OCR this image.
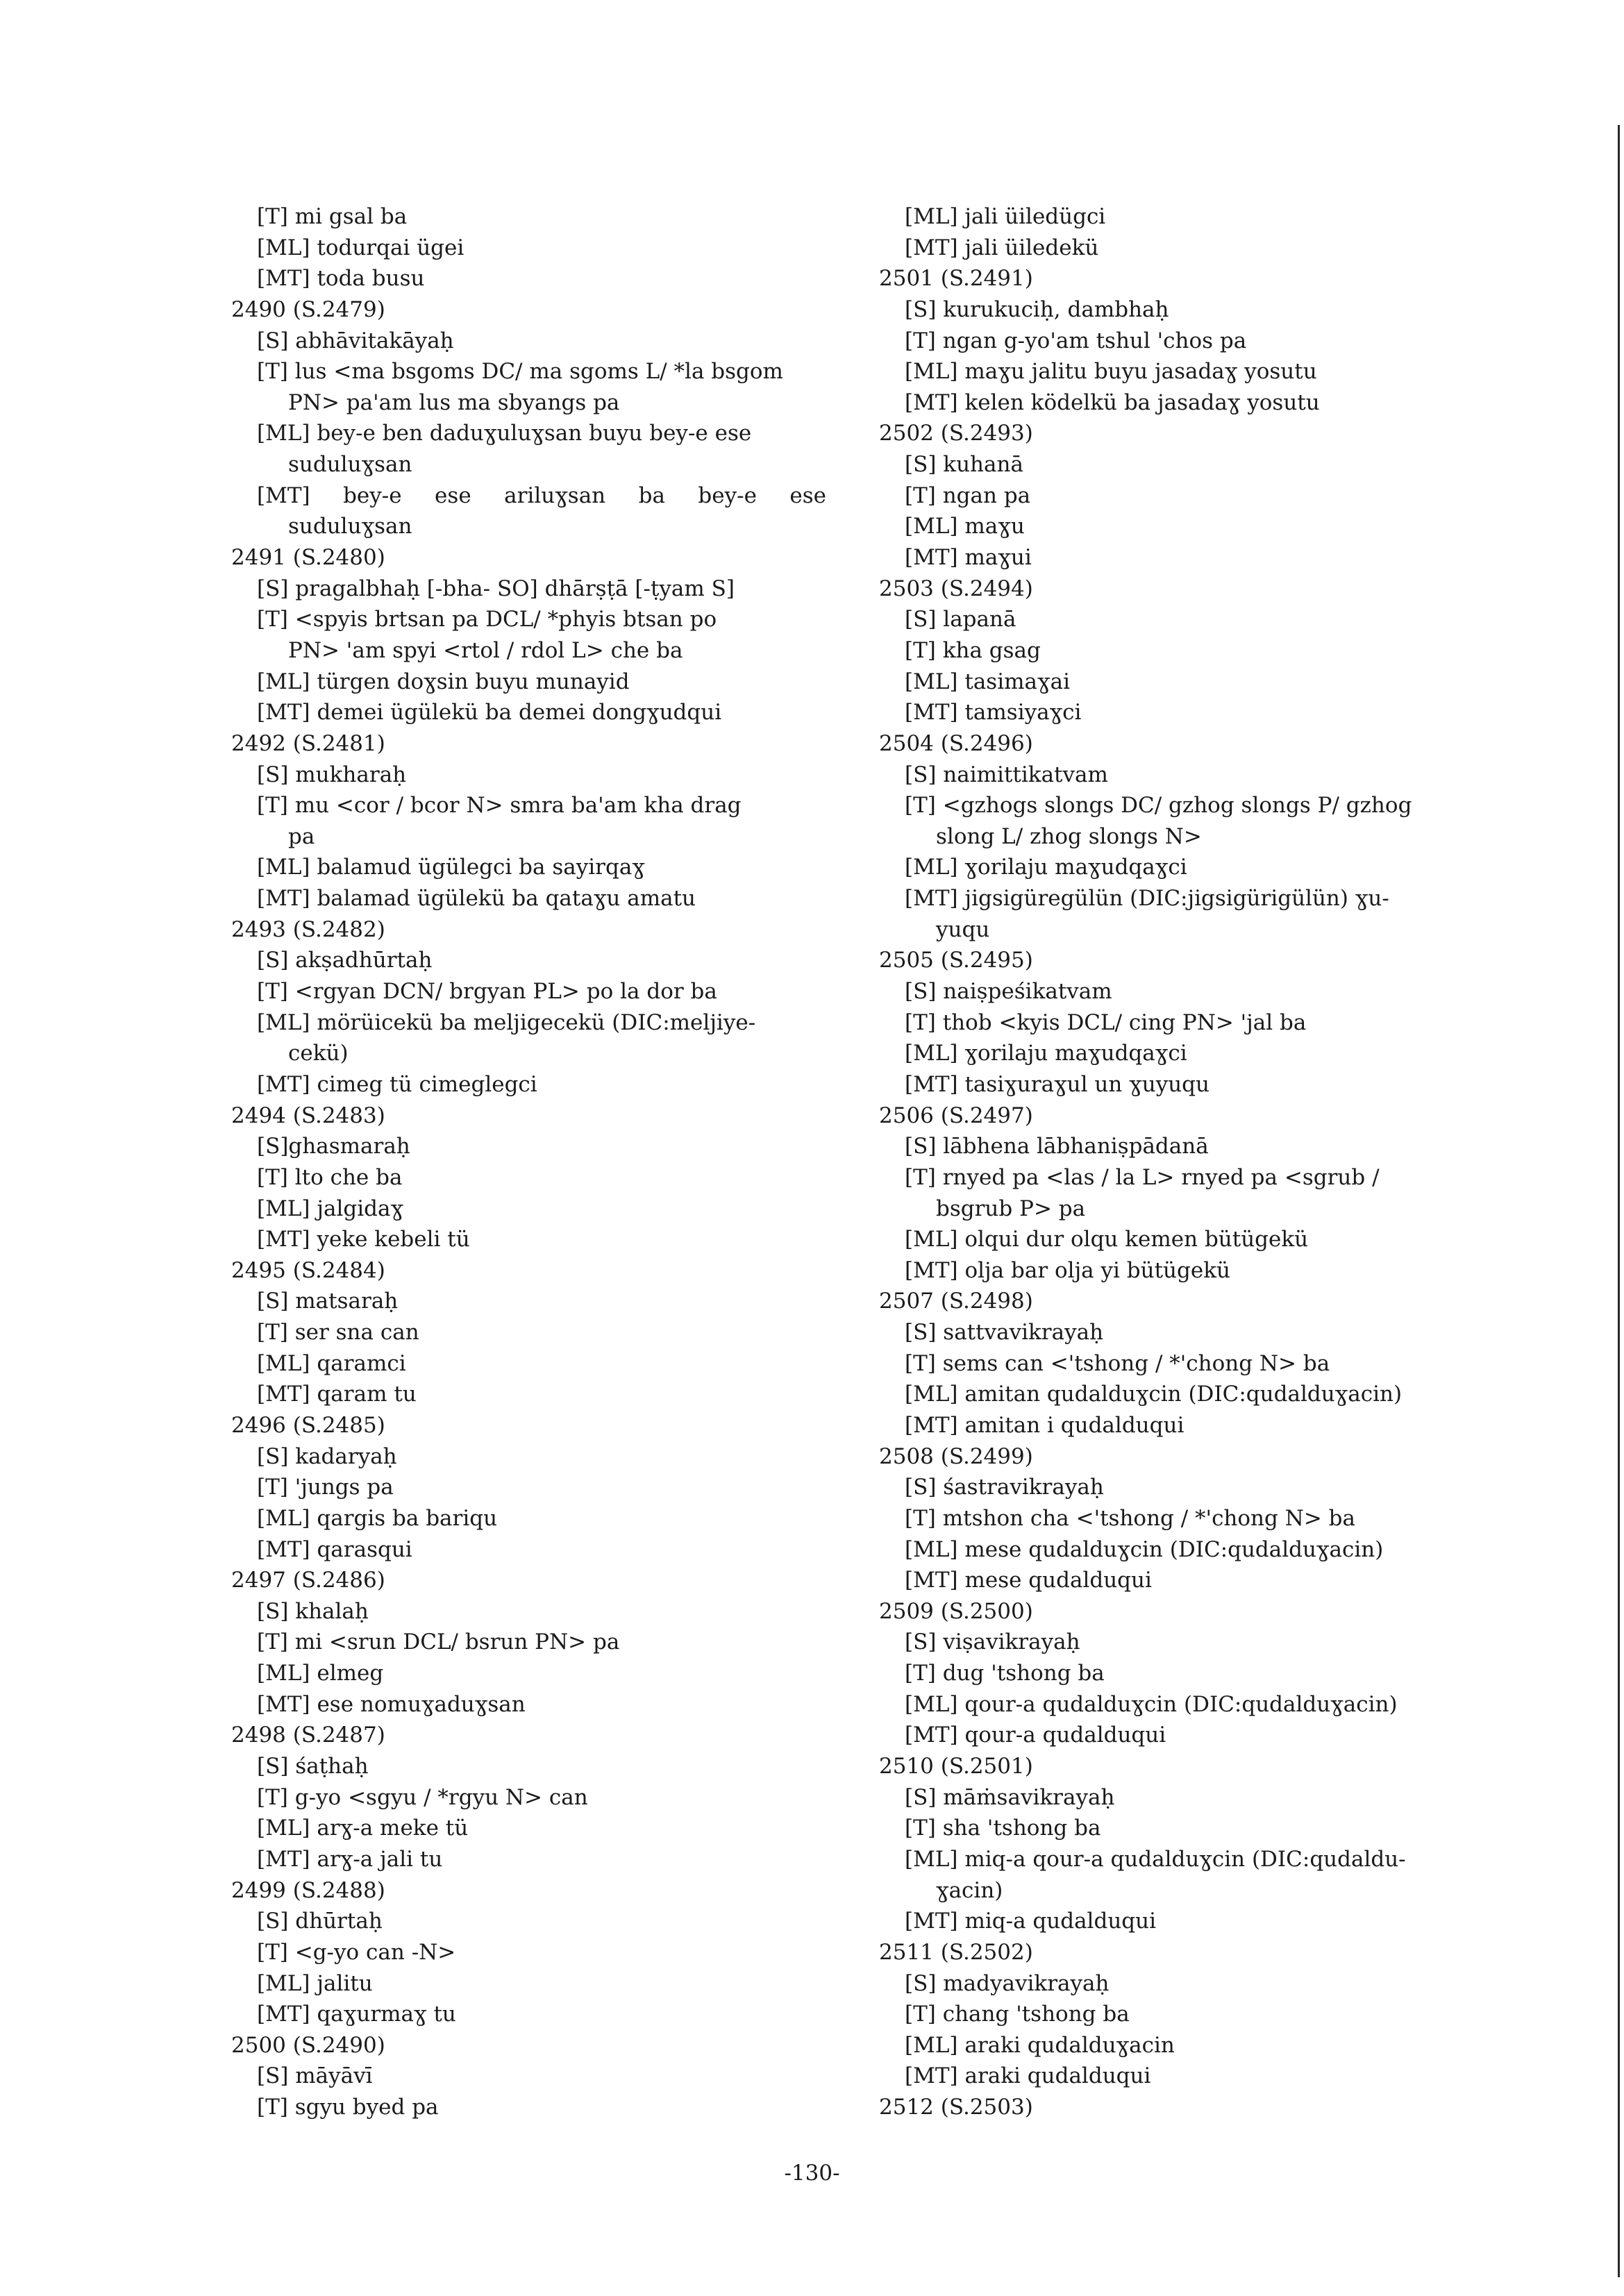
[T] mi gsal ba
[ML] todurqai ügei
[MT] toda busu
2490 (S.2479)
[S] abhāvitakāyaḥ
[T] lus <ma bsgoms DC/ ma sgoms L/ *la bsgom
PN> pa'am lus ma sbyangs pa
[ML] bey-e ben daduɣuluɣsan buyu bey-e ese
suduluɣsan
[MT] bey-e ese ariluɣsan ba bey-e ese
suduluɣsan
2491 (S.2480)
[S] pragalbhaḥ [-bha- SO] dhārṣṭā [-ṭyam S]
[T] <spyis brtsan pa DCL/ *phyis btsan po
PN> 'am spyi <rtol / rdol L> che ba
[ML] türgen doɣsin buyu munayid
[MT] demei ügülekü ba demei dongɣudqui
2492 (S.2481)
[S] mukharaḥ
[T] mu <cor / bcor N> smra ba'am kha drag
pa
[ML] balamud ügülegci ba sayirqaɣ
[MT] balamad ügülekü ba qataɣu amatu
2493 (S.2482)
[S] akṣadhūrtaḥ
[T] <rgyan DCN/ brgyan PL> po la dor ba
[ML] mörüicekü ba meljigecekü (DIC:meljiye-
cekü)
[MT] cimeg tü cimeglegci
2494 (S.2483)
[S]ghasmaraḥ
[T] lto che ba
[ML] jalgidaɣ
[MT] yeke kebeli tü
2495 (S.2484)
[S] matsaraḥ
[T] ser sna can
[ML] qaramci
[MT] qaram tu
2496 (S.2485)
[S] kadaryaḥ
[T] 'jungs pa
[ML] qargis ba bariqu
[MT] qarasqui
2497 (S.2486)
[S] khalaḥ
[T] mi <srun DCL/ bsrun PN> pa
[ML] elmeg
[MT] ese nomuɣaduɣsan
2498 (S.2487)
[S] śaṭhaḥ
[T] g-yo <sgyu / *rgyu N> can
[ML] arɣ-a meke tü
[MT] arɣ-a jali tu
2499 (S.2488)
[S] dhūrtaḥ
[T] <g-yo can -N>
[ML] jalitu
[MT] qaɣurmaɣ tu
2500 (S.2490)
[S] māyāvī
[T] sgyu byed pa
[ML] jali üiledügci
[MT] jali üiledekü
2501 (S.2491)
[S] kurukuciḥ, dambhaḥ
[T] ngan g-yo'am tshul 'chos pa
[ML] maɣu jalitu buyu jasadaɣ yosutu
[MT] kelen ködelkü ba jasadaɣ yosutu
2502 (S.2493)
[S] kuhanā
[T] ngan pa
[ML] maɣu
[MT] maɣui
2503 (S.2494)
[S] lapanā
[T] kha gsag
[ML] tasimaɣai
[MT] tamsiyaɣci
2504 (S.2496)
[S] naimittikatvam
[T] <gzhogs slongs DC/ gzhog slongs P/ gzhog
slong L/ zhog slongs N>
[ML] ɣorilaju maɣudqaɣci
[MT] jigsigüregülün (DIC:jigsigürigülün) ɣu-
yuqu
2505 (S.2495)
[S] naiṣpeśikatvam
[T] thob <kyis DCL/ cing PN> 'jal ba
[ML] ɣorilaju maɣudqaɣci
[MT] tasiɣuraɣul un ɣuyuqu
2506 (S.2497)
[S] lābhena lābhaniṣpādanā
[T] rnyed pa <las / la L> rnyed pa <sgrub /
bsgrub P> pa
[ML] olqui dur olqu kemen bütügekü
[MT] olja bar olja yi bütügekü
2507 (S.2498)
[S] sattvavikrayaḥ
[T] sems can <'tshong / *'chong N> ba
[ML] amitan qudalduɣcin (DIC:qudalduɣacin)
[MT] amitan i qudalduqui
2508 (S.2499)
[S] śastravikrayaḥ
[T] mtshon cha <'tshong / *'chong N> ba
[ML] mese qudalduɣcin (DIC:qudalduɣacin)
[MT] mese qudalduqui
2509 (S.2500)
[S] viṣavikrayaḥ
[T] dug 'tshong ba
[ML] qour-a qudalduɣcin (DIC:qudalduɣacin)
[MT] qour-a qudalduqui
2510 (S.2501)
[S] māṁsavikrayaḥ
[T] sha 'tshong ba
[ML] miq-a qour-a qudalduɣcin (DIC:qudaldu-
ɣacin)
[MT] miq-a qudalduqui
2511 (S.2502)
[S] madyavikrayaḥ
[T] chang 'tshong ba
[ML] araki qudalduɣacin
[MT] araki qudalduqui
2512 (S.2503)
-130-
